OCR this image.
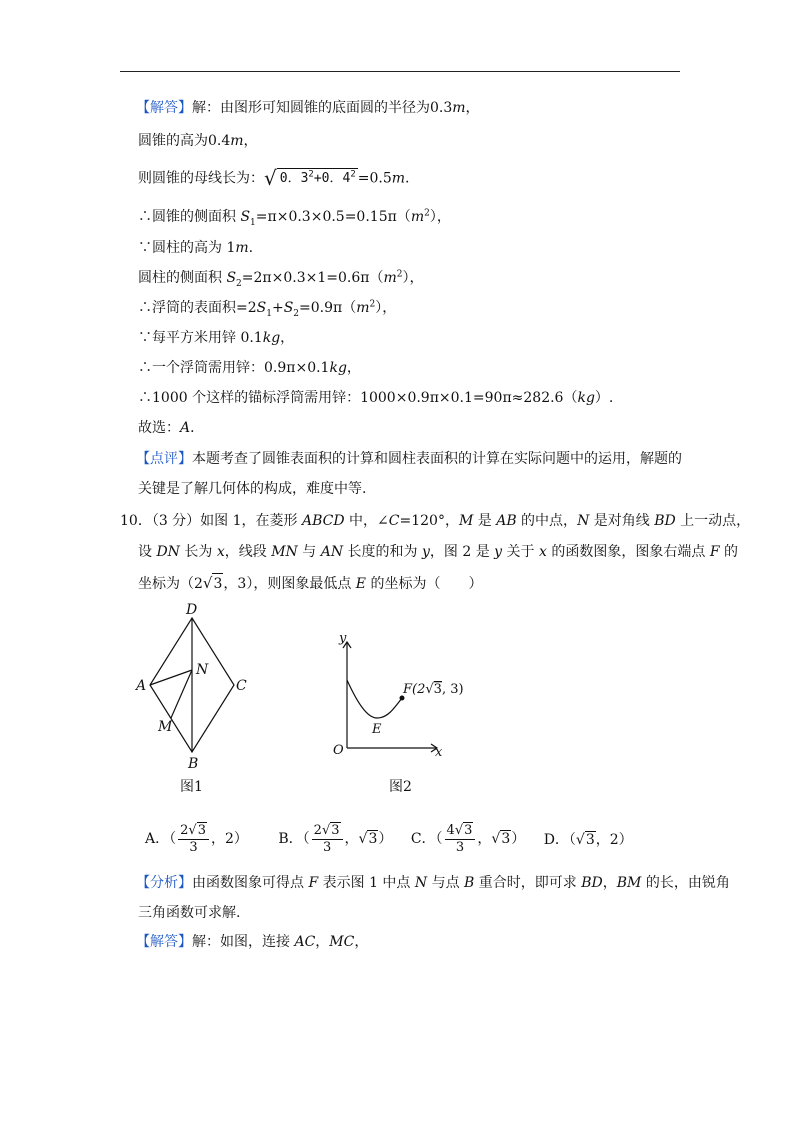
【解答】解：由图形可知圆锥的底面圆的半径为0.3m，
圆锥的高为0.4m，
则圆锥的母线长为：√ 0．$3^2+0$．$4^2 =0.5m$.
∴圆锥的侧面积 $S_1=\pi\times 0.3\times 0.5=0.15\pi(m^2)$，
∵圆柱的高为 1m.
圆柱的侧面积 $S_2=2\pi\times 0.3\times 1=0.6\pi(m^2)$，
∴浮筒的表面积$=2S_1+S_2=0.9\pi(m^2)$，
∵每平方米用锌 0.1kg，
∴一个浮筒需用锌：0.9π×0.1kg，
∴1000 个这样的锚标浮筒需用锌：1000×0.9π×0.1=90π≈282.6（kg）.
故选：A．
【点评】本题考查了圆锥表面积的计算和圆柱表面积的计算在实际问题中的运用，解题的
关键是了解几何体的构成，难度中等.
10．（3 分）如图 1，在菱形 ABCD 中，∠C=120°，M 是 AB 的中点，N 是对角线 BD 上一动点，
设 DN 长为 x，线段 MN 与 AN 长度的和为 y，图 2 是 y 关于 x 的函数图象，图象右端点 F 的
坐标为（2√3，3），则图象最低点 E 的坐标为（　　）
D
N
A	C
M
B
图1
y
x
O
E
F(2√3, 3)
图2
A．（ $\frac{2√3}{3}$ ，2） B．（ $\frac{2√3}{3}$ ，√3） C．（ $\frac{4√3}{3}$ ，√3） D．（√3，2）
【分析】由函数图象可得点 F 表示图 1 中点 N 与点 B 重合时，即可求 BD，BM 的长，由锐角
三角函数可求解.
【解答】解：如图，连接 AC，MC，
